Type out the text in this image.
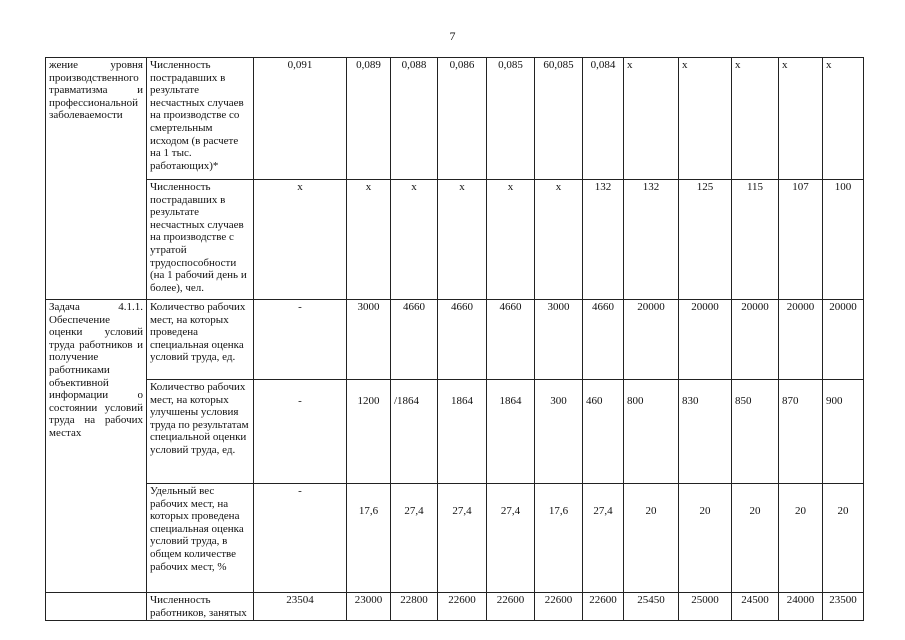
7
жение уровня производственного травматизма и профессиональной заболеваемости	Численность пострадавших в результате несчастных случаев на производстве со смертельным исходом (в расчете на 1 тыс. работающих)*	0,091	0,089	0,088	0,086	0,085	60,085	0,084	x	x	x	x	x
	Численность пострадавших в результате несчастных случаев на производстве с утратой трудоспособности (на 1 рабочий день и более), чел.	x	x	x	x	x	x	132	132	125	115	107	100
Задача 4.1.1. Обеспечение оценки условий труда работников и получение работниками объективной информации о состоянии условий труда на рабочих местах	Количество рабочих мест, на которых проведена специальная оценка условий труда, ед.	-	3000	4660	4660	4660	3000	4660	20000	20000	20000	20000	20000
	Количество рабочих мест, на которых улучшены условия труда по результатам специальной оценки условий труда, ед.	-	1200	/1864	1864	1864	300	460	800	830	850	870	900
	Удельный вес рабочих мест, на которых проведена специальная оценка условий труда, в общем количестве рабочих мест, %	-	17,6	27,4	27,4	27,4	17,6	27,4	20	20	20	20	20
	Численность работников, занятых	23504	23000	22800	22600	22600	22600	22600	25450	25000	24500	24000	23500
